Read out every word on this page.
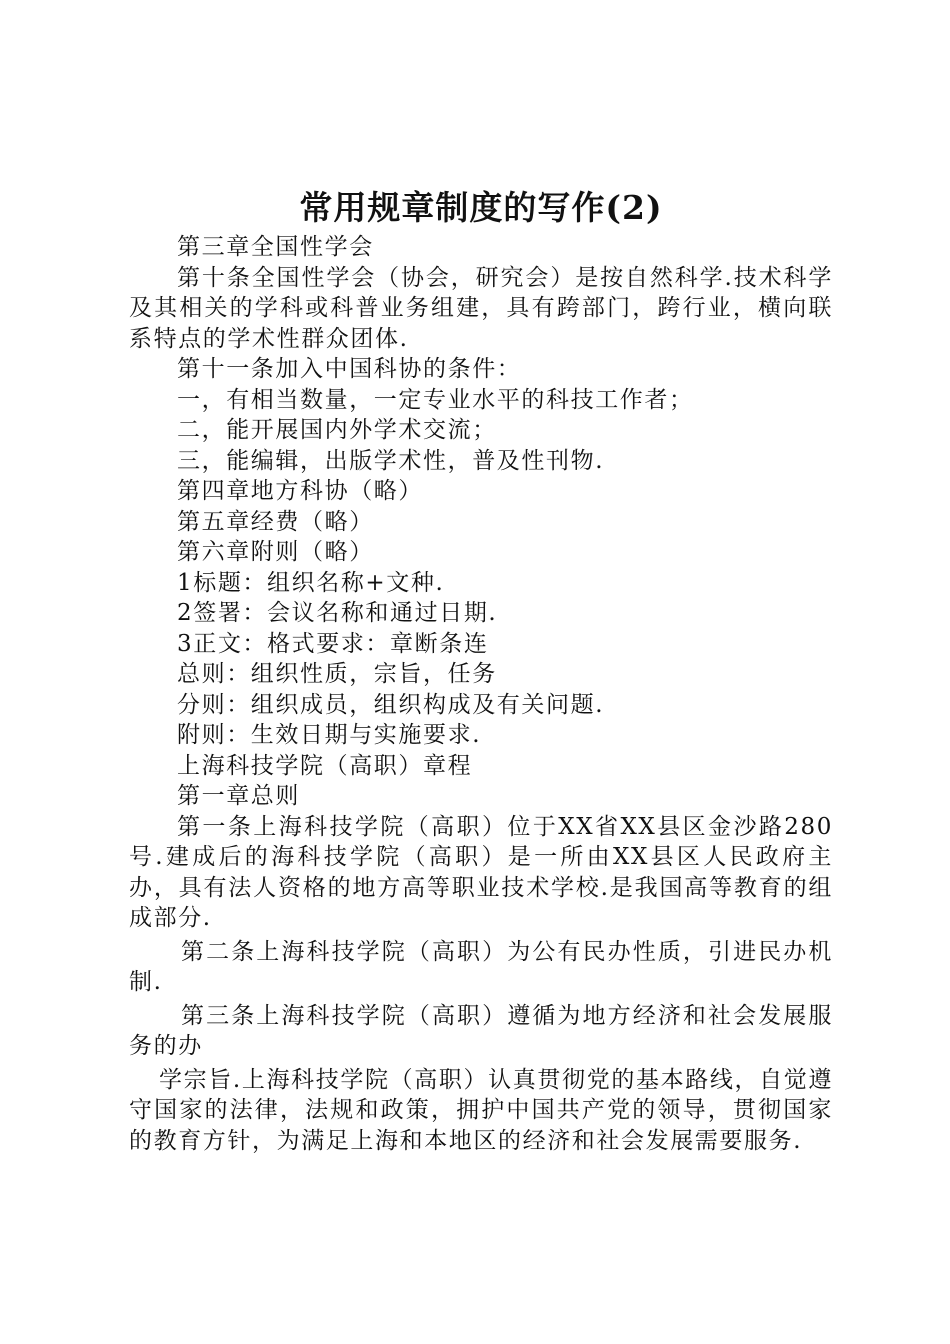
常用规章制度的写作(2)

第三章全国性学会

第十条全国性学会（协会，研究会）是按自然科学.技术科学及其相关的学科或科普业务组建，具有跨部门，跨行业，横向联系特点的学术性群众团体.

第十一条加入中国科协的条件：

一，有相当数量，一定专业水平的科技工作者；

二，能开展国内外学术交流；

三，能编辑，出版学术性，普及性刊物.

第四章地方科协（略）

第五章经费（略）

第六章附则（略）

1标题：组织名称+文种.

2签署：会议名称和通过日期.

3正文：格式要求：章断条连

总则：组织性质，宗旨，任务

分则：组织成员，组织构成及有关问题.

附则：生效日期与实施要求.

上海科技学院（高职）章程

第一章总则

第一条上海科技学院（高职）位于XX省XX县区金沙路280号.建成后的海科技学院（高职）是一所由XX县区人民政府主办，具有法人资格的地方高等职业技术学校.是我国高等教育的组成部分.

第二条上海科技学院（高职）为公有民办性质，引进民办机制.

第三条上海科技学院（高职）遵循为地方经济和社会发展服务的办

学宗旨.上海科技学院（高职）认真贯彻党的基本路线，自觉遵守国家的法律，法规和政策，拥护中国共产党的领导，贯彻国家的教育方针，为满足上海和本地区的经济和社会发展需要服务.
